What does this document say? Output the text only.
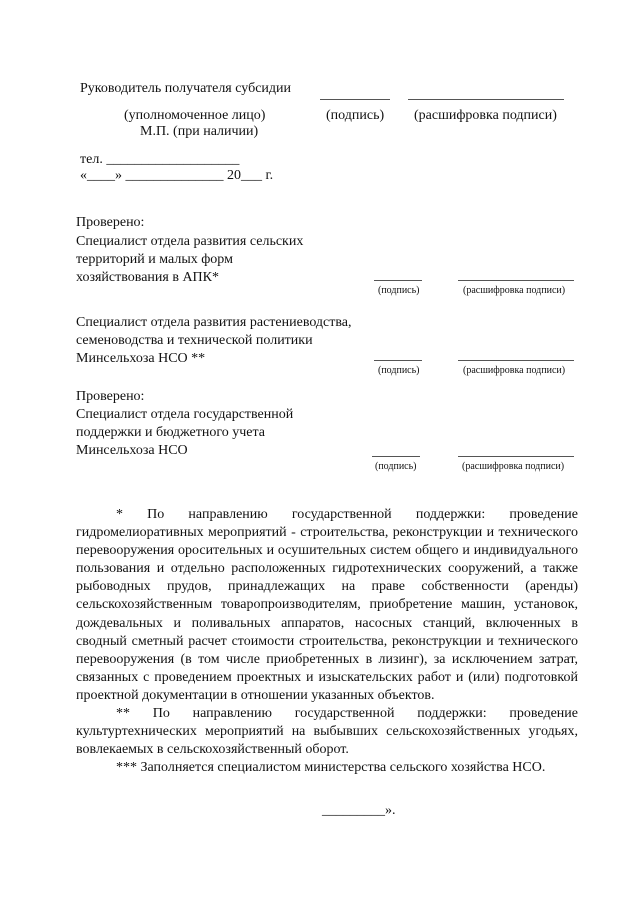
Руководитель получателя субсидии
(уполномоченное лицо)	(подпись) (расшифровка подписи)
М.П. (при наличии)
тел. ___________________
«____» ______________ 20___ г.
Проверено:
Специалист отдела развития сельских
территорий и малых форм
хозяйствования в АПК*
(подпись)	(расшифровка подписи)
Специалист отдела развития растениеводства,
семеноводства и технической политики
Минсельхоза НСО **
(подпись)	(расшифровка подписи)
Проверено:
Специалист отдела государственной
поддержки и бюджетного учета
Минсельхоза НСО
(подпись)	(расшифровка подписи)

* По направлению государственной поддержки: проведение гидромелиоративных мероприятий - строительства, реконструкции и технического перевооружения оросительных и осушительных систем общего и индивидуального пользования и отдельно расположенных гидротехнических сооружений, а также рыбоводных прудов, принадлежащих на праве собственности (аренды) сельскохозяйственным товаропроизводителям, приобретение машин, установок, дождевальных и поливальных аппаратов, насосных станций, включенных в сводный сметный расчет стоимости строительства, реконструкции и технического перевооружения (в том числе приобретенных в лизинг), за исключением затрат, связанных с проведением проектных и изыскательских работ и (или) подготовкой проектной документации в отношении указанных объектов.

** По направлению государственной поддержки: проведение культуртехнических мероприятий на выбывших сельскохозяйственных угодьях, вовлекаемых в сельскохозяйственный оборот.

*** Заполняется специалистом министерства сельского хозяйства НСО.

_________».
